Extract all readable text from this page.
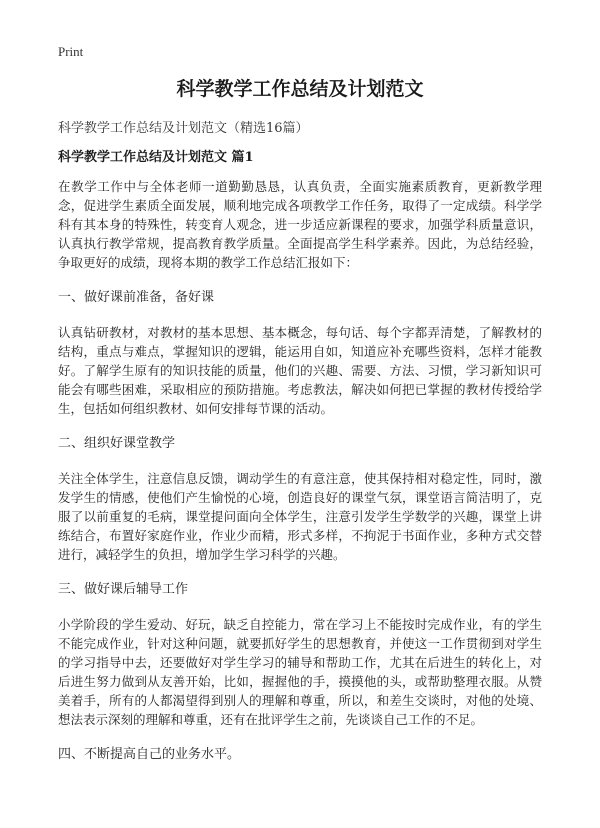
Print
科学教学工作总结及计划范文
科学教学工作总结及计划范文（精选16篇）
科学教学工作总结及计划范文 篇1

在教学工作中与全体老师一道勤勤恳恳，认真负责，全面实施素质教育，更新教学理念，促进学生素质全面发展，顺利地完成各项教学工作任务，取得了一定成绩。科学学科有其本身的特殊性，转变育人观念，进一步适应新课程的要求，加强学科质量意识，认真执行教学常规，提高教育教学质量。全面提高学生科学素养。因此，为总结经验，争取更好的成绩，现将本期的教学工作总结汇报如下：

一、做好课前准备，备好课

认真钻研教材，对教材的基本思想、基本概念，每句话、每个字都弄清楚，了解教材的结构，重点与难点，掌握知识的逻辑，能运用自如，知道应补充哪些资料，怎样才能教好。了解学生原有的知识技能的质量，他们的兴趣、需要、方法、习惯，学习新知识可能会有哪些困难，采取相应的预防措施。考虑教法，解决如何把已掌握的教材传授给学生，包括如何组织教材、如何安排每节课的活动。

二、组织好课堂教学

关注全体学生，注意信息反馈，调动学生的有意注意，使其保持相对稳定性，同时，激发学生的情感，使他们产生愉悦的心境，创造良好的课堂气氛，课堂语言简洁明了，克服了以前重复的毛病，课堂提问面向全体学生，注意引发学生学数学的兴趣，课堂上讲练结合，布置好家庭作业，作业少而精，形式多样，不拘泥于书面作业，多种方式交替进行，减轻学生的负担，增加学生学习科学的兴趣。

三、做好课后辅导工作

小学阶段的学生爱动、好玩，缺乏自控能力，常在学习上不能按时完成作业，有的学生不能完成作业，针对这种问题，就要抓好学生的思想教育，并使这一工作贯彻到对学生的学习指导中去，还要做好对学生学习的辅导和帮助工作，尤其在后进生的转化上，对后进生努力做到从友善开始，比如，握握他的手，摸摸他的头，或帮助整理衣服。从赞美着手，所有的人都渴望得到别人的理解和尊重，所以，和差生交谈时，对他的处境、想法表示深刻的理解和尊重，还有在批评学生之前，先谈谈自己工作的不足。

四、不断提高自己的业务水平。
